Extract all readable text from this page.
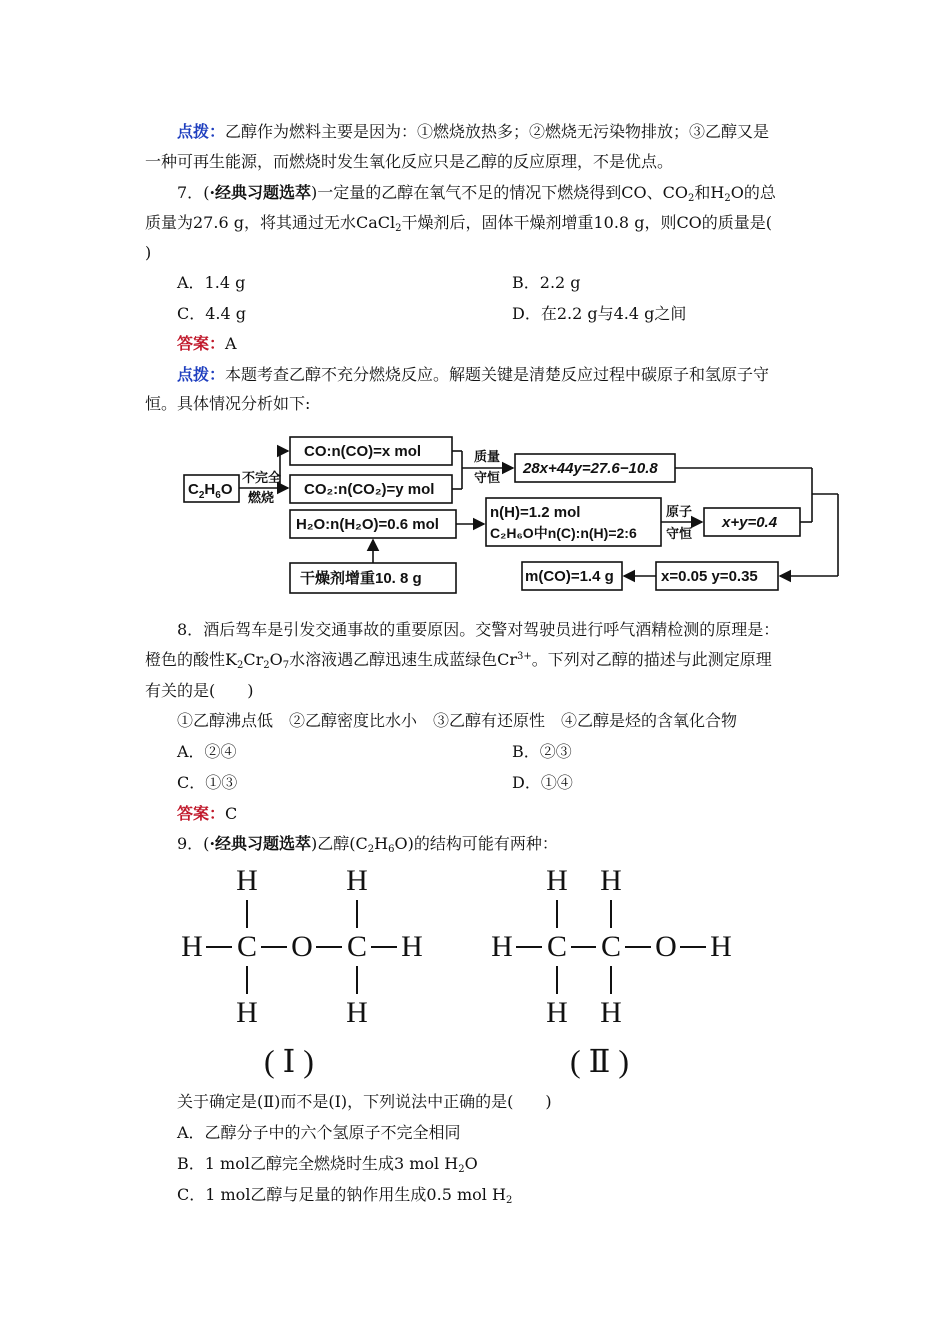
点拨：乙醇作为燃料主要是因为：①燃烧放热多；②燃烧无污染物排放；③乙醇又是
一种可再生能源，而燃烧时发生氧化反应只是乙醇的反应原理，不是优点。
7．(·经典习题选萃)一定量的乙醇在氧气不足的情况下燃烧得到CO、$CO_2$和$H_2O$的总
质量为27.6 g，将其通过无水CaCl$_2$干燥剂后，固体干燥剂增重10.8 g，则CO的质量是(
)
A．1.4 g	B．2.2 g
C．4.4 g	D．在2.2 g与4.4 g之间
答案：A
点拨：本题考查乙醇不充分燃烧反应。解题关键是清楚反应过程中碳原子和氢原子守
恒。具体情况分析如下:
$C_2H_6O$
CO:n(CO)=x mol
CO₂:n(CO₂)=y mol
H₂O:n(H₂O)=0.6 mol
干燥剂增重10. 8 g
28x+44y=27.6−10.8
n(H)=1.2 mol
C₂H₆O中n(C):n(H)=2:6
x+y=0.4
x=0.05 y=0.35
m(CO)=1.4 g
不完全
燃烧
质量
守恒
原子
守恒
8．酒后驾车是引发交通事故的重要原因。交警对驾驶员进行呼气酒精检测的原理是：
橙色的酸性$K_2Cr_2O_7$水溶液遇乙醇迅速生成蓝绿色$Cr^{3+}$。下列对乙醇的描述与此测定原理
有关的是(　　)
①乙醇沸点低　②乙醇密度比水小　③乙醇有还原性　④乙醇是烃的含氧化合物
A．②④	B．②③
C．①③	D．①④
答案：C
9．(·经典习题选萃)乙醇$(C_2H_6O)$的结构可能有两种：
H	H
H C O C H
H	H
( Ⅰ )
H H
H C C O H
H H
( Ⅱ )
关于确定是(Ⅱ)而不是(Ⅰ)，下列说法中正确的是(　　)
A．乙醇分子中的六个氢原子不完全相同
B．1 mol乙醇完全燃烧时生成3 mol $H_2O$
C．1 mol乙醇与足量的钠作用生成0.5 mol $H_2$
